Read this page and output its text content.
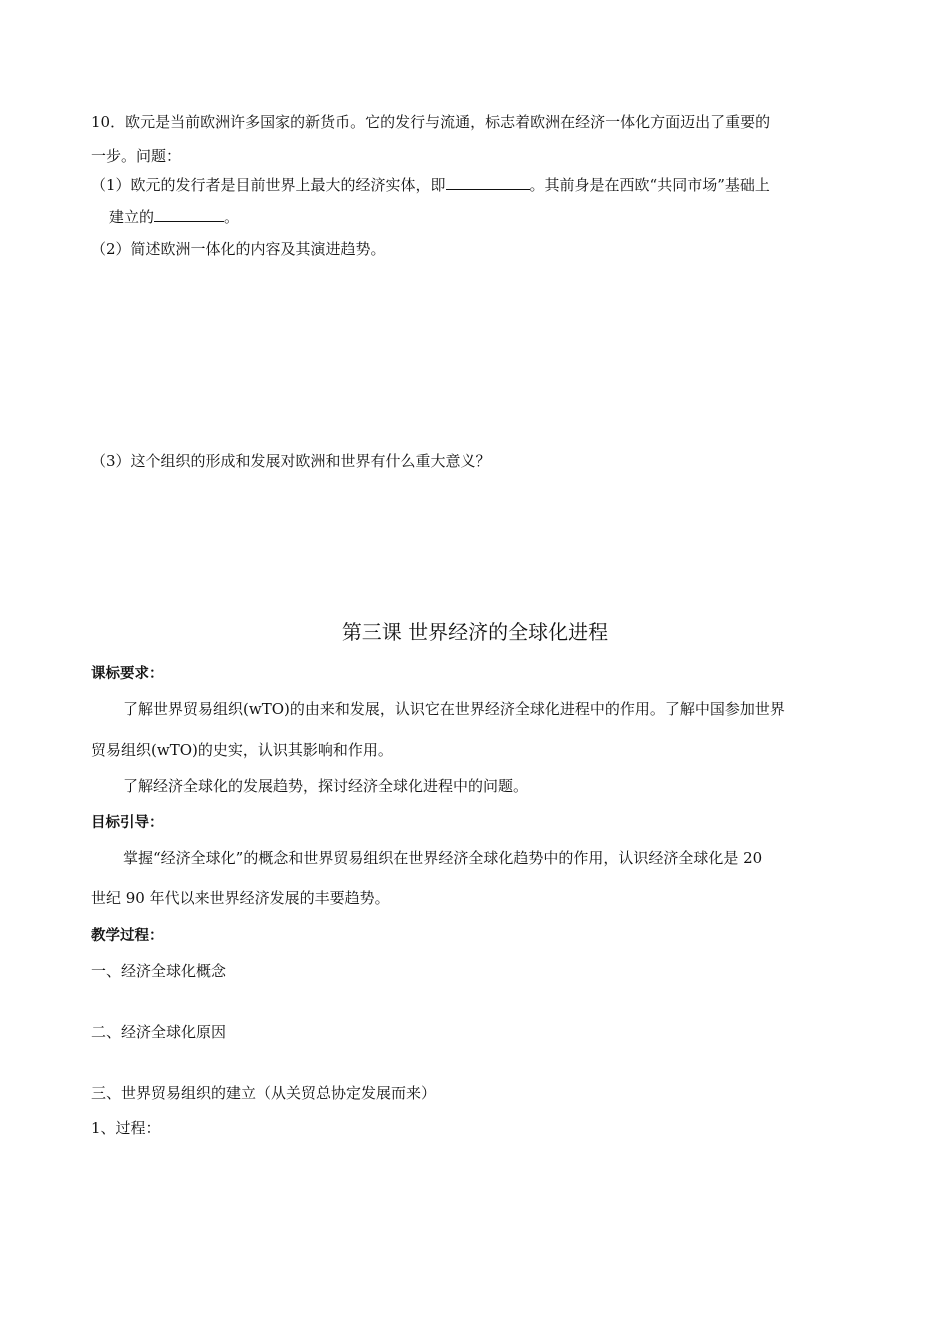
10．欧元是当前欧洲许多国家的新货币。它的发行与流通，标志着欧洲在经济一体化方面迈出了重要的
一步。问题：
（1）欧元的发行者是目前世界上最大的经济实体，即	。其前身是在西欧“共同市场”基础上
建立的	。
（2）简述欧洲一体化的内容及其演进趋势。
（3）这个组织的形成和发展对欧洲和世界有什么重大意义？
第三课 世界经济的全球化进程
课标要求：
了解世界贸易组织(wTO)的由来和发展，认识它在世界经济全球化进程中的作用。了解中国参加世界
贸易组织(wTO)的史实，认识其影响和作用。
了解经济全球化的发展趋势，探讨经济全球化进程中的问题。
目标引导：
掌握“经济全球化”的概念和世界贸易组织在世界经济全球化趋势中的作用，认识经济全球化是 20
世纪 90 年代以来世界经济发展的丰要趋势。
教学过程：
一、经济全球化概念
二、经济全球化原因
三、世界贸易组织的建立（从关贸总协定发展而来）
1、过程：
